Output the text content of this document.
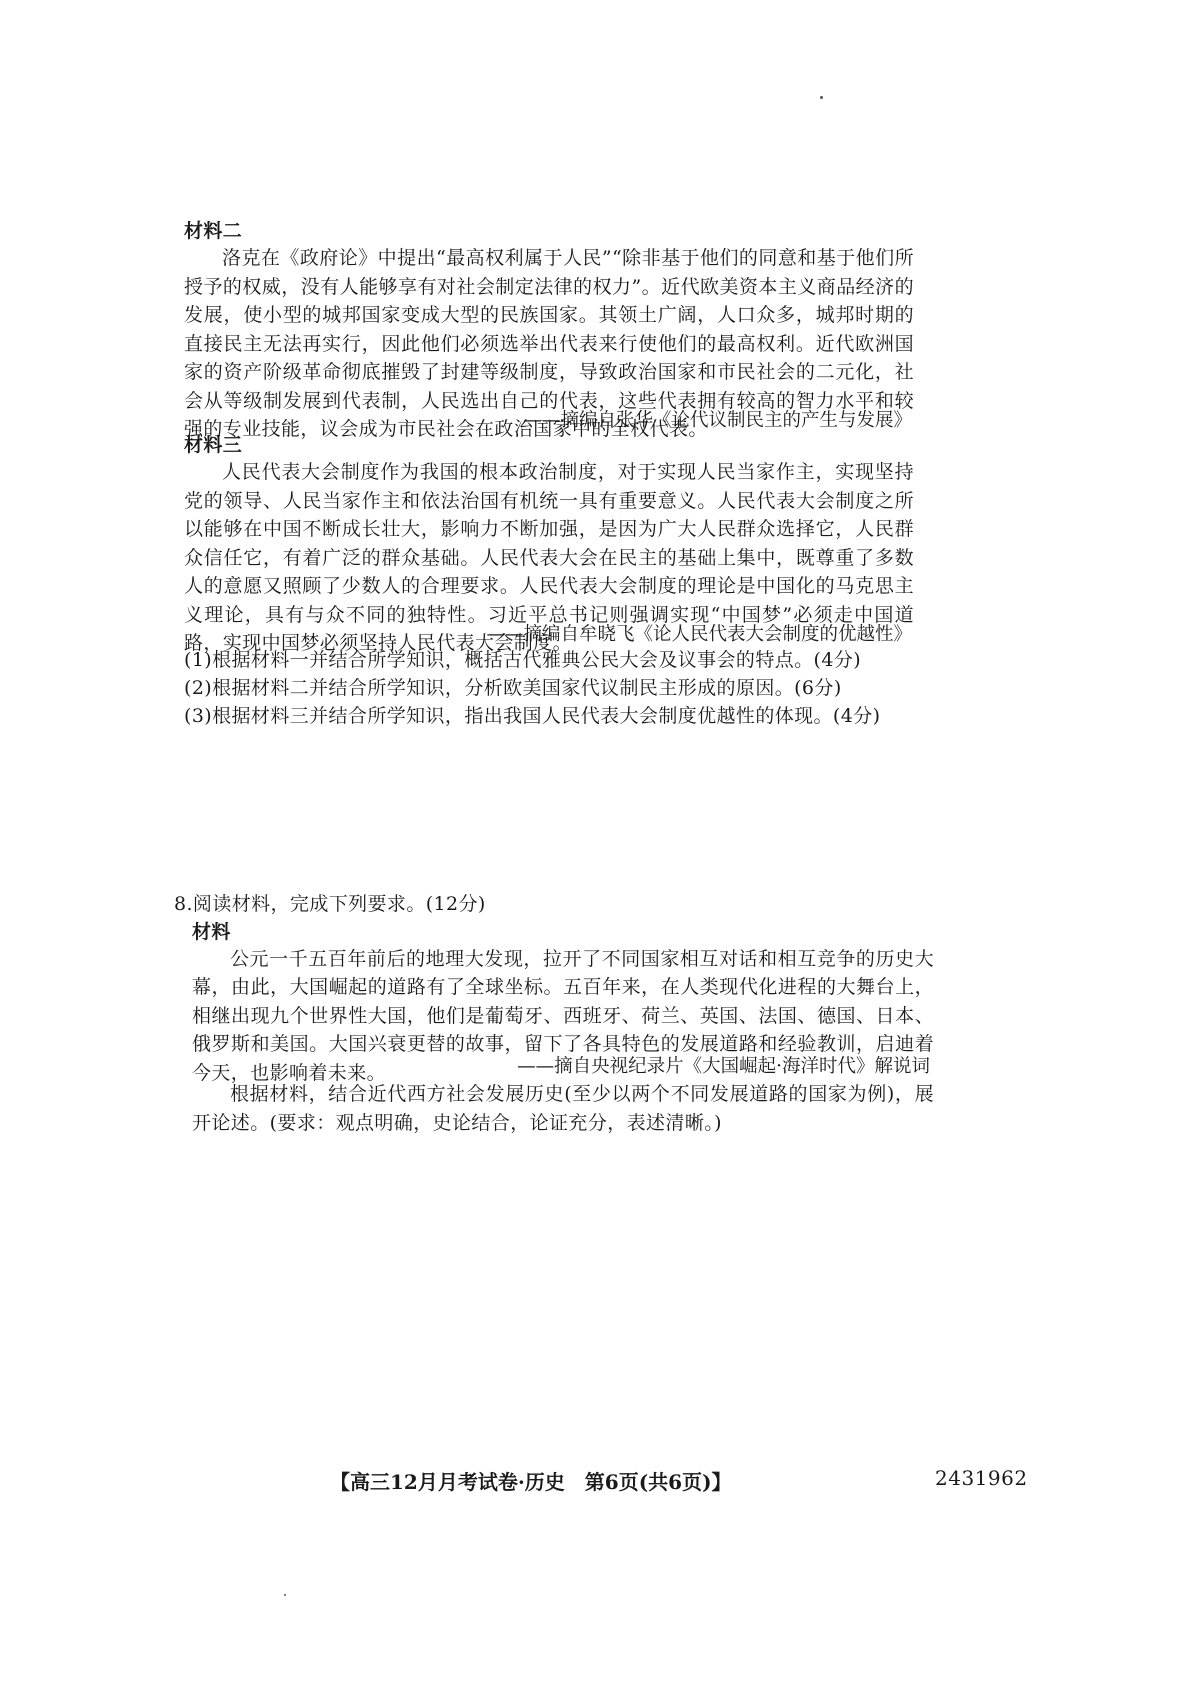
材料二

洛克在《政府论》中提出“最高权利属于人民”“除非基于他们的同意和基于他们所授予的权威，没有人能够享有对社会制定法律的权力”。近代欧美资本主义商品经济的发展，使小型的城邦国家变成大型的民族国家。其领土广阔，人口众多，城邦时期的直接民主无法再实行，因此他们必须选举出代表来行使他们的最高权利。近代欧洲国家的资产阶级革命彻底摧毁了封建等级制度，导致政治国家和市民社会的二元化，社会从等级制发展到代表制，人民选出自己的代表，这些代表拥有较高的智力水平和较强的专业技能，议会成为市民社会在政治国家中的全权代表。

——摘编自张华《论代议制民主的产生与发展》
材料三

人民代表大会制度作为我国的根本政治制度，对于实现人民当家作主，实现坚持党的领导、人民当家作主和依法治国有机统一具有重要意义。人民代表大会制度之所以能够在中国不断成长壮大，影响力不断加强，是因为广大人民群众选择它，人民群众信任它，有着广泛的群众基础。人民代表大会在民主的基础上集中，既尊重了多数人的意愿又照顾了少数人的合理要求。人民代表大会制度的理论是中国化的马克思主义理论，具有与众不同的独特性。习近平总书记则强调实现“中国梦”必须走中国道路，实现中国梦必须坚持人民代表大会制度。

——摘编自牟晓飞《论人民代表大会制度的优越性》

(1)根据材料一并结合所学知识，概括古代雅典公民大会及议事会的特点。(4分)

(2)根据材料二并结合所学知识，分析欧美国家代议制民主形成的原因。(6分)

(3)根据材料三并结合所学知识，指出我国人民代表大会制度优越性的体现。(4分)

8.阅读材料，完成下列要求。(12分)

材料

公元一千五百年前后的地理大发现，拉开了不同国家相互对话和相互竞争的历史大幕，由此，大国崛起的道路有了全球坐标。五百年来，在人类现代化进程的大舞台上，相继出现九个世界性大国，他们是葡萄牙、西班牙、荷兰、英国、法国、德国、日本、俄罗斯和美国。大国兴衰更替的故事，留下了各具特色的发展道路和经验教训，启迪着今天，也影响着未来。	——摘自央视纪录片《大国崛起·海洋时代》解说词

根据材料，结合近代西方社会发展历史(至少以两个不同发展道路的国家为例)，展开论述。(要求：观点明确，史论结合，论证充分，表述清晰。)

【高三12月月考试卷·历史　第6页(共6页)】	2431962
